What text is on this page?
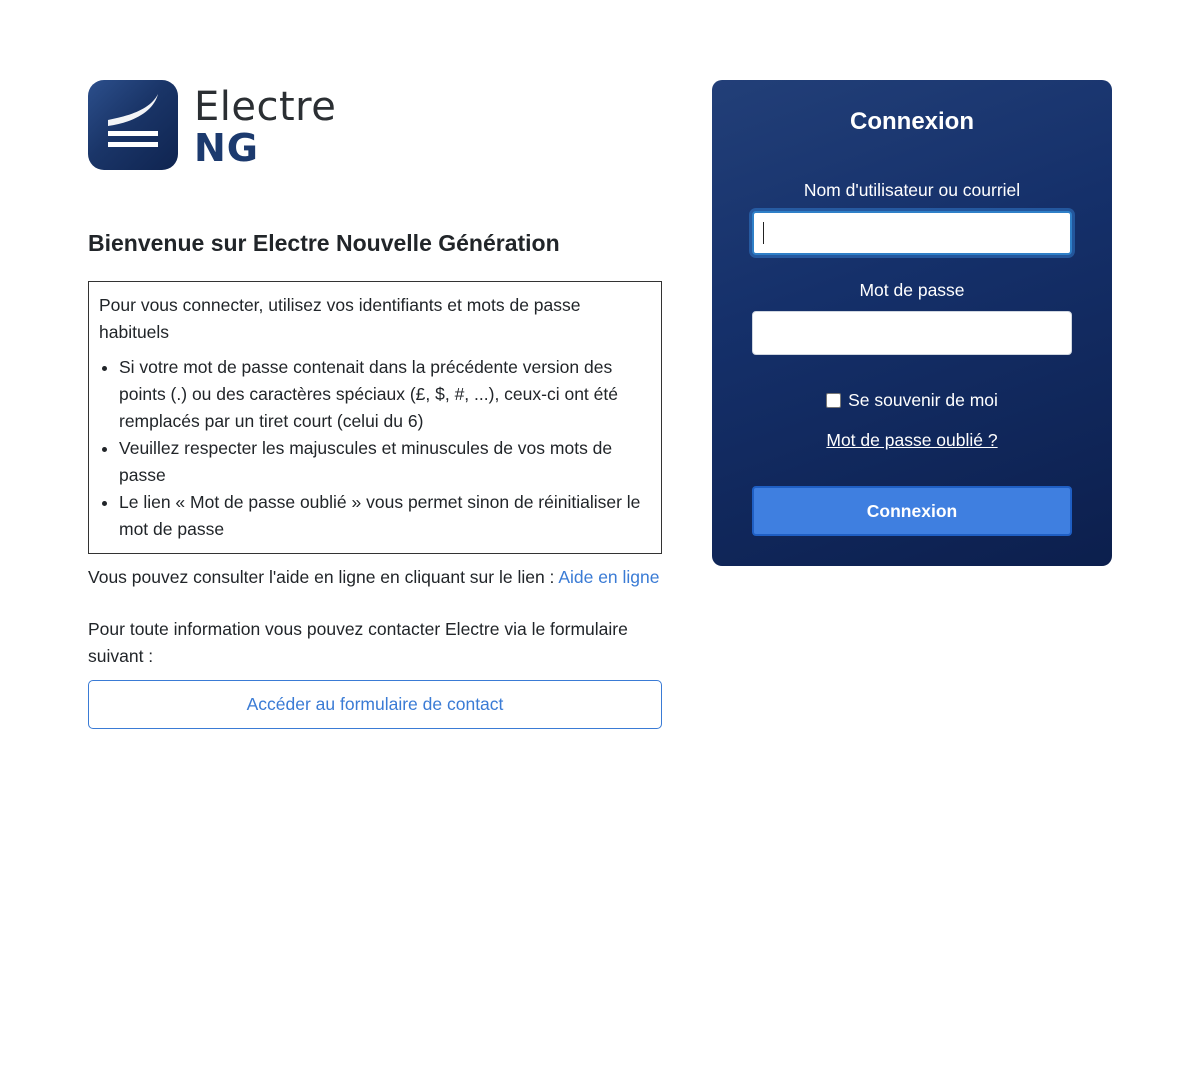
Electre
NG
Bienvenue sur Electre Nouvelle Génération

Pour vous connecter, utilisez vos identifiants et mots de passe habituels

• Si votre mot de passe contenait dans la précédente version des points (.) ou des caractères spéciaux (£, $, #, ...), ceux-ci ont été remplacés par un tiret court (celui du 6)
• Veuillez respecter les majuscules et minuscules de vos mots de passe
• Le lien « Mot de passe oublié » vous permet sinon de réinitialiser le mot de passe

Vous pouvez consulter l'aide en ligne en cliquant sur le lien : Aide en ligne

Pour toute information vous pouvez contacter Electre via le formulaire suivant :

Accéder au formulaire de contact
Connexion
Nom d'utilisateur ou courriel
Mot de passe
Se souvenir de moi
Mot de passe oublié ?
Connexion
